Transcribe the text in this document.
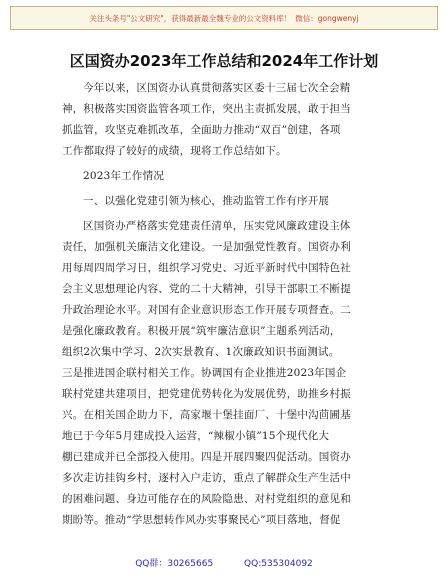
关注头条号"公文研究"，获得最新最全魏专业的公文资料库！ 微信：gongwenyj
区国资办2023年工作总结和2024年工作计划
今年以来，区国资办认真贯彻落实区委十三届七次全会精
神，积极落实国资监管各项工作，突出主责抓发展，敢于担当
抓监管，攻坚克难抓改革，全面助力推动“双百”创建，各项
工作都取得了较好的成绩，现将工作总结如下。
2023年工作情况
一、以强化党建引领为核心，推动监管工作有序开展
区国资办严格落实党建责任清单，压实党风廉政建设主体
责任，加强机关廉洁文化建设。一是加强党性教育。国资办利
用每周四周学习日，组织学习党史、习近平新时代中国特色社
会主义思想理论内容、党的二十大精神，引导干部职工不断提
升政治理论水平。对国有企业意识形态工作开展专项督查。二
是强化廉政教育。积极开展“筑牢廉洁意识”主题系列活动，
组织2次集中学习、2次实景教育、1次廉政知识书面测试。
三是推进国企联村相关工作。协调国有企业推进2023年国企
联村党建共建项目，把党建优势转化为发展优势，助推乡村振
兴。在相关国企助力下，高家堰十堡挂面厂、十堡中沟茴圃基
地已于今年5月建成投入运营，“辣椒小镇”15个现代化大
棚已建成并已全部投入使用。四是开展四聚四促活动。国资办
多次走访挂钩乡村，逐村入户走访，重点了解群众生产生活中
的困难问题、身边可能存在的风险隐患、对村党组织的意见和
期盼等。推动“学思想转作风办实事聚民心”项目落地，督促
QQ群：30265665	QQ:535304092
